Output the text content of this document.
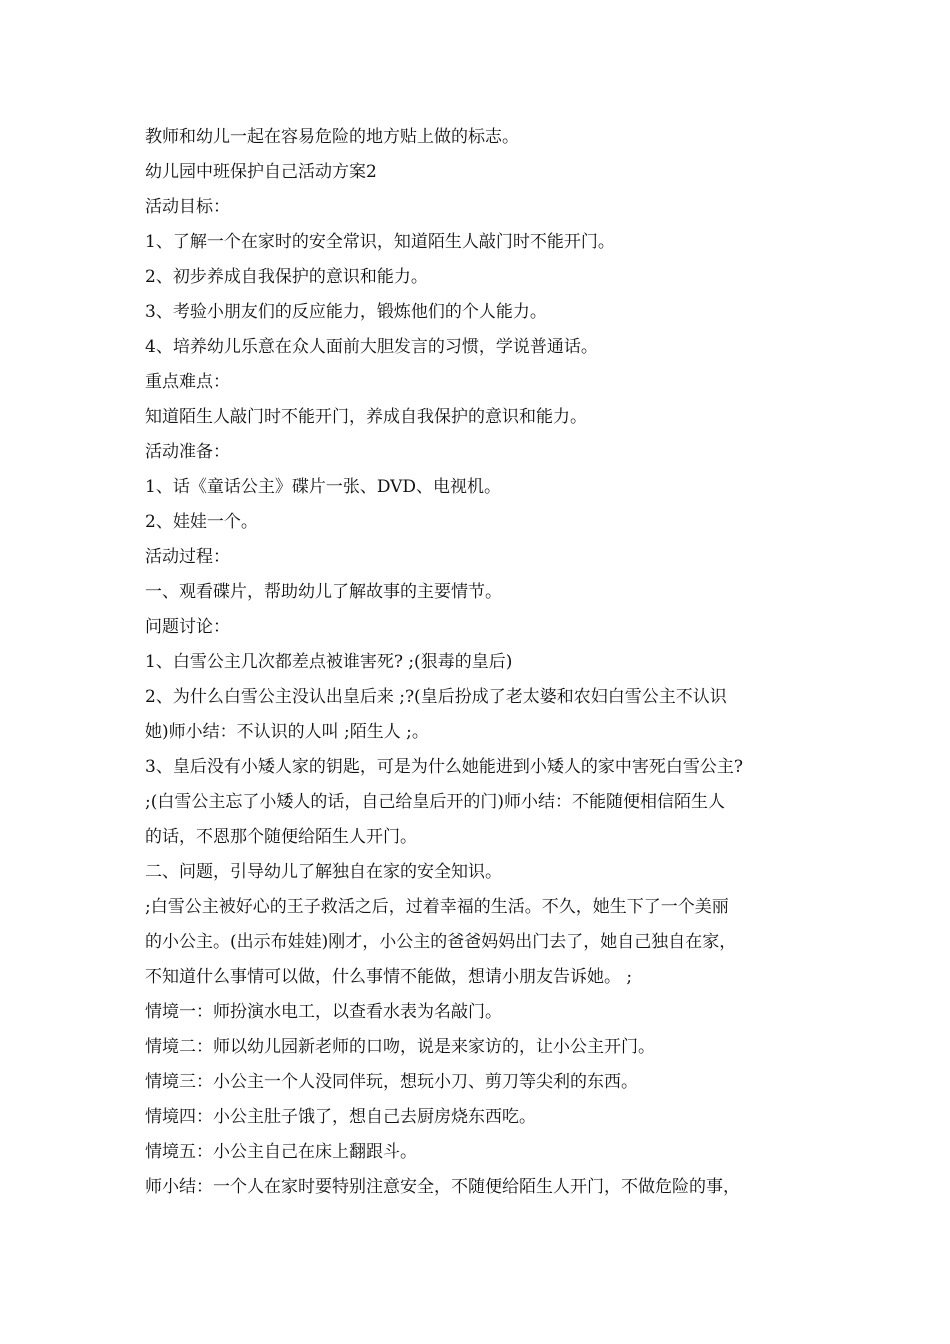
教师和幼儿一起在容易危险的地方贴上做的标志。
幼儿园中班保护自己活动方案2
活动目标：
1、了解一个在家时的安全常识，知道陌生人敲门时不能开门。
2、初步养成自我保护的意识和能力。
3、考验小朋友们的反应能力，锻炼他们的个人能力。
4、培养幼儿乐意在众人面前大胆发言的习惯，学说普通话。
重点难点：
知道陌生人敲门时不能开门，养成自我保护的意识和能力。
活动准备：
1、话《童话公主》碟片一张、DVD、电视机。
2、娃娃一个。
活动过程：
一、观看碟片，帮助幼儿了解故事的主要情节。
问题讨论：
1、白雪公主几次都差点被谁害死? ;(狠毒的皇后)
2、为什么白雪公主没认出皇后来 ;?(皇后扮成了老太婆和农妇白雪公主不认识
她)师小结：不认识的人叫 ;陌生人 ;。
3、皇后没有小矮人家的钥匙，可是为什么她能进到小矮人的家中害死白雪公主?
;(白雪公主忘了小矮人的话，自己给皇后开的门)师小结：不能随便相信陌生人
的话，不恩那个随便给陌生人开门。
二、问题，引导幼儿了解独自在家的安全知识。
;白雪公主被好心的王子救活之后，过着幸福的生活。不久，她生下了一个美丽
的小公主。(出示布娃娃)刚才，小公主的爸爸妈妈出门去了，她自己独自在家，
不知道什么事情可以做，什么事情不能做，想请小朋友告诉她。 ;
情境一：师扮演水电工，以查看水表为名敲门。
情境二：师以幼儿园新老师的口吻，说是来家访的，让小公主开门。
情境三：小公主一个人没同伴玩，想玩小刀、剪刀等尖利的东西。
情境四：小公主肚子饿了，想自己去厨房烧东西吃。
情境五：小公主自己在床上翻跟斗。
师小结：一个人在家时要特别注意安全，不随便给陌生人开门，不做危险的事，
